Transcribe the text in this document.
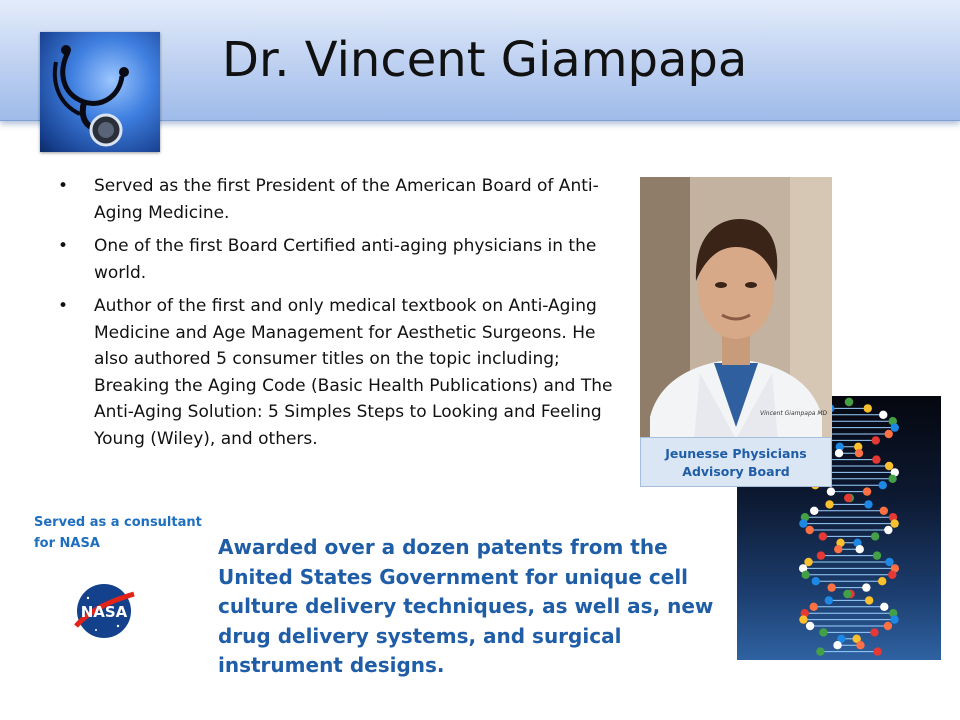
Dr. Vincent Giampapa
• Served as the first President of the American Board of Anti-Aging Medicine.
• One of the first Board Certified anti-aging physicians in the world.
• Author of the first and only medical textbook on Anti-Aging Medicine and Age Management for Aesthetic Surgeons. He also authored 5 consumer titles on the topic including; Breaking the Aging Code (Basic Health Publications) and The Anti-Aging Solution: 5 Simples Steps to Looking and Feeling Young (Wiley), and others.
Vincent Giampapa MD
Jeunesse Physicians Advisory Board

Served as a consultant for NASA

NASA

Awarded over a dozen patents from the United States Government for unique cell culture delivery techniques, as well as, new drug delivery systems, and surgical instrument designs.
